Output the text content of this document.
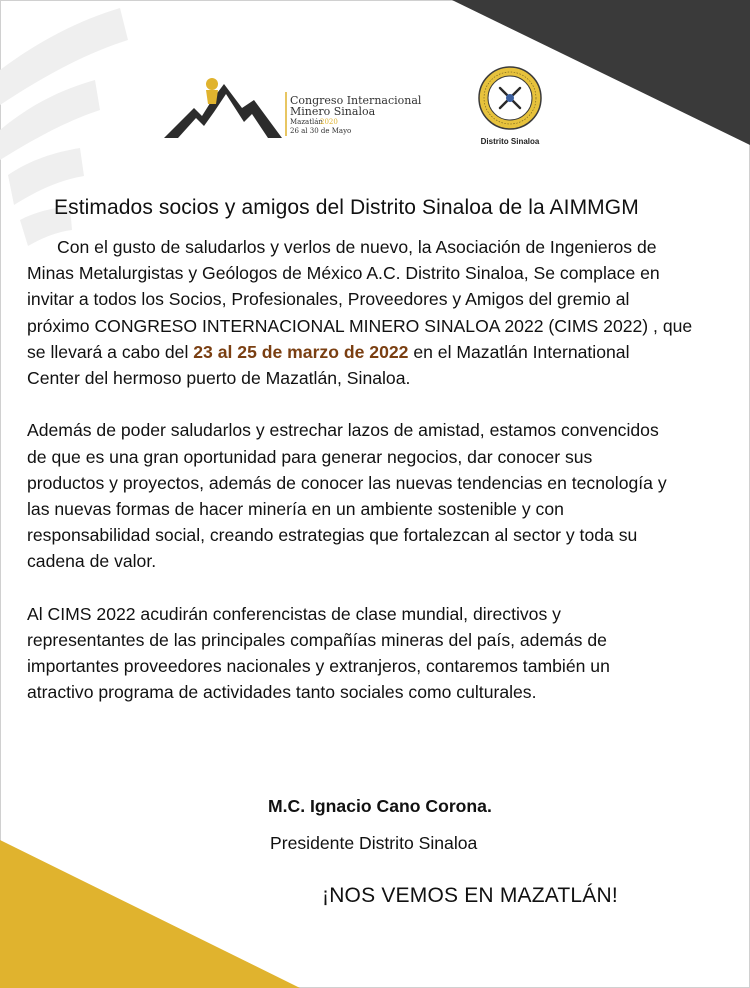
Congreso Internacional
Minero Sinaloa
Mazatlán
2020
26 al 30 de Mayo
Distrito Sinaloa
Estimados socios y amigos del Distrito Sinaloa de la AIMMGM

Con el gusto de saludarlos y verlos de nuevo, la Asociación de Ingenieros de
Minas Metalurgistas y Geólogos de México A.C. Distrito Sinaloa, Se complace en
invitar a todos los Socios, Profesionales, Proveedores y Amigos del gremio al
próximo CONGRESO INTERNACIONAL MINERO SINALOA 2022 (CIMS 2022) , que
se llevará a cabo del 23 al 25 de marzo de 2022 en el Mazatlán International
Center del hermoso puerto de Mazatlán, Sinaloa.

Además de poder saludarlos y estrechar lazos de amistad, estamos convencidos
de que es una gran oportunidad para generar negocios, dar conocer sus
productos y proyectos, además de conocer las nuevas tendencias en tecnología y
las nuevas formas de hacer minería en un ambiente sostenible y con
responsabilidad social, creando estrategias que fortalezcan al sector y toda su
cadena de valor.

Al CIMS 2022 acudirán conferencistas de clase mundial, directivos y
representantes de las principales compañías mineras del país, además de
importantes proveedores nacionales y extranjeros, contaremos también un
atractivo programa de actividades tanto sociales como culturales.

M.C. Ignacio Cano Corona.
Presidente Distrito Sinaloa
¡NOS VEMOS EN MAZATLÁN!
